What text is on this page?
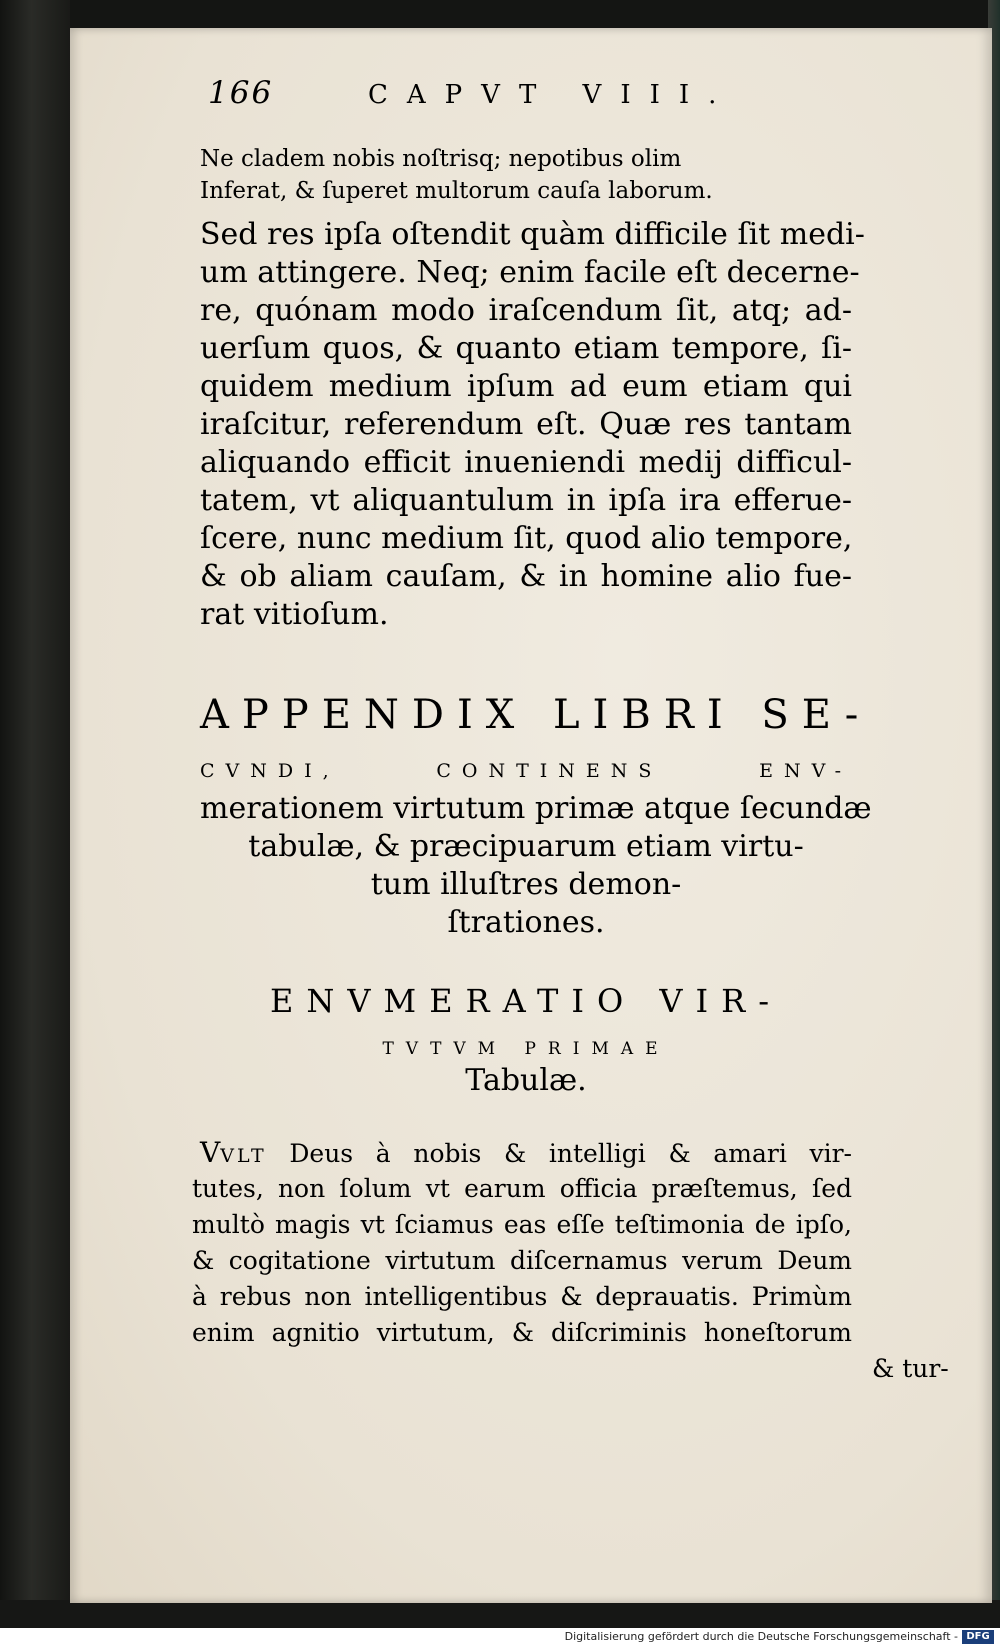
166	CAPVT VIII.
Ne cladem nobis noſtrisq; nepotibus olim
Inferat, & ſuperet multorum cauſa laborum.
Sed res ipſa oſtendit quàm difficile ſit medi-
um attingere. Neq; enim facile eſt decerne-
re, quónam modo iraſcendum ſit, atq; ad-
uerſum quos, & quanto etiam tempore, ſi-
quidem medium ipſum ad eum etiam qui
iraſcitur, referendum eſt. Quæ res tantam
aliquando efficit inueniendi medij difficul-
tatem, vt aliquantulum in ipſa ira efferue-
ſcere, nunc medium ſit, quod alio tempore,
& ob aliam cauſam, & in homine alio fue-
rat vitioſum.
APPENDIX LIBRI SE-
CVNDI, CONTINENS ENV-
merationem virtutum primæ atque ſecundæ
tabulæ, & præcipuarum etiam virtu-
tum illuſtres demon-
ſtrationes.
ENVMERATIO VIR-
TVTVM PRIMAE
Tabulæ.
VVLT Deus à nobis & intelligi & amari vir-
tutes, non ſolum vt earum officia præſtemus, ſed
multò magis vt ſciamus eas eſſe teſtimonia de ipſo,
& cogitatione virtutum diſcernamus verum Deum
à rebus non intelligentibus & deprauatis. Primùm
enim agnitio virtutum, & diſcriminis honeſtorum
& tur-
Digitalisierung gefördert durch die Deutsche Forschungsgemeinschaft - DFG
